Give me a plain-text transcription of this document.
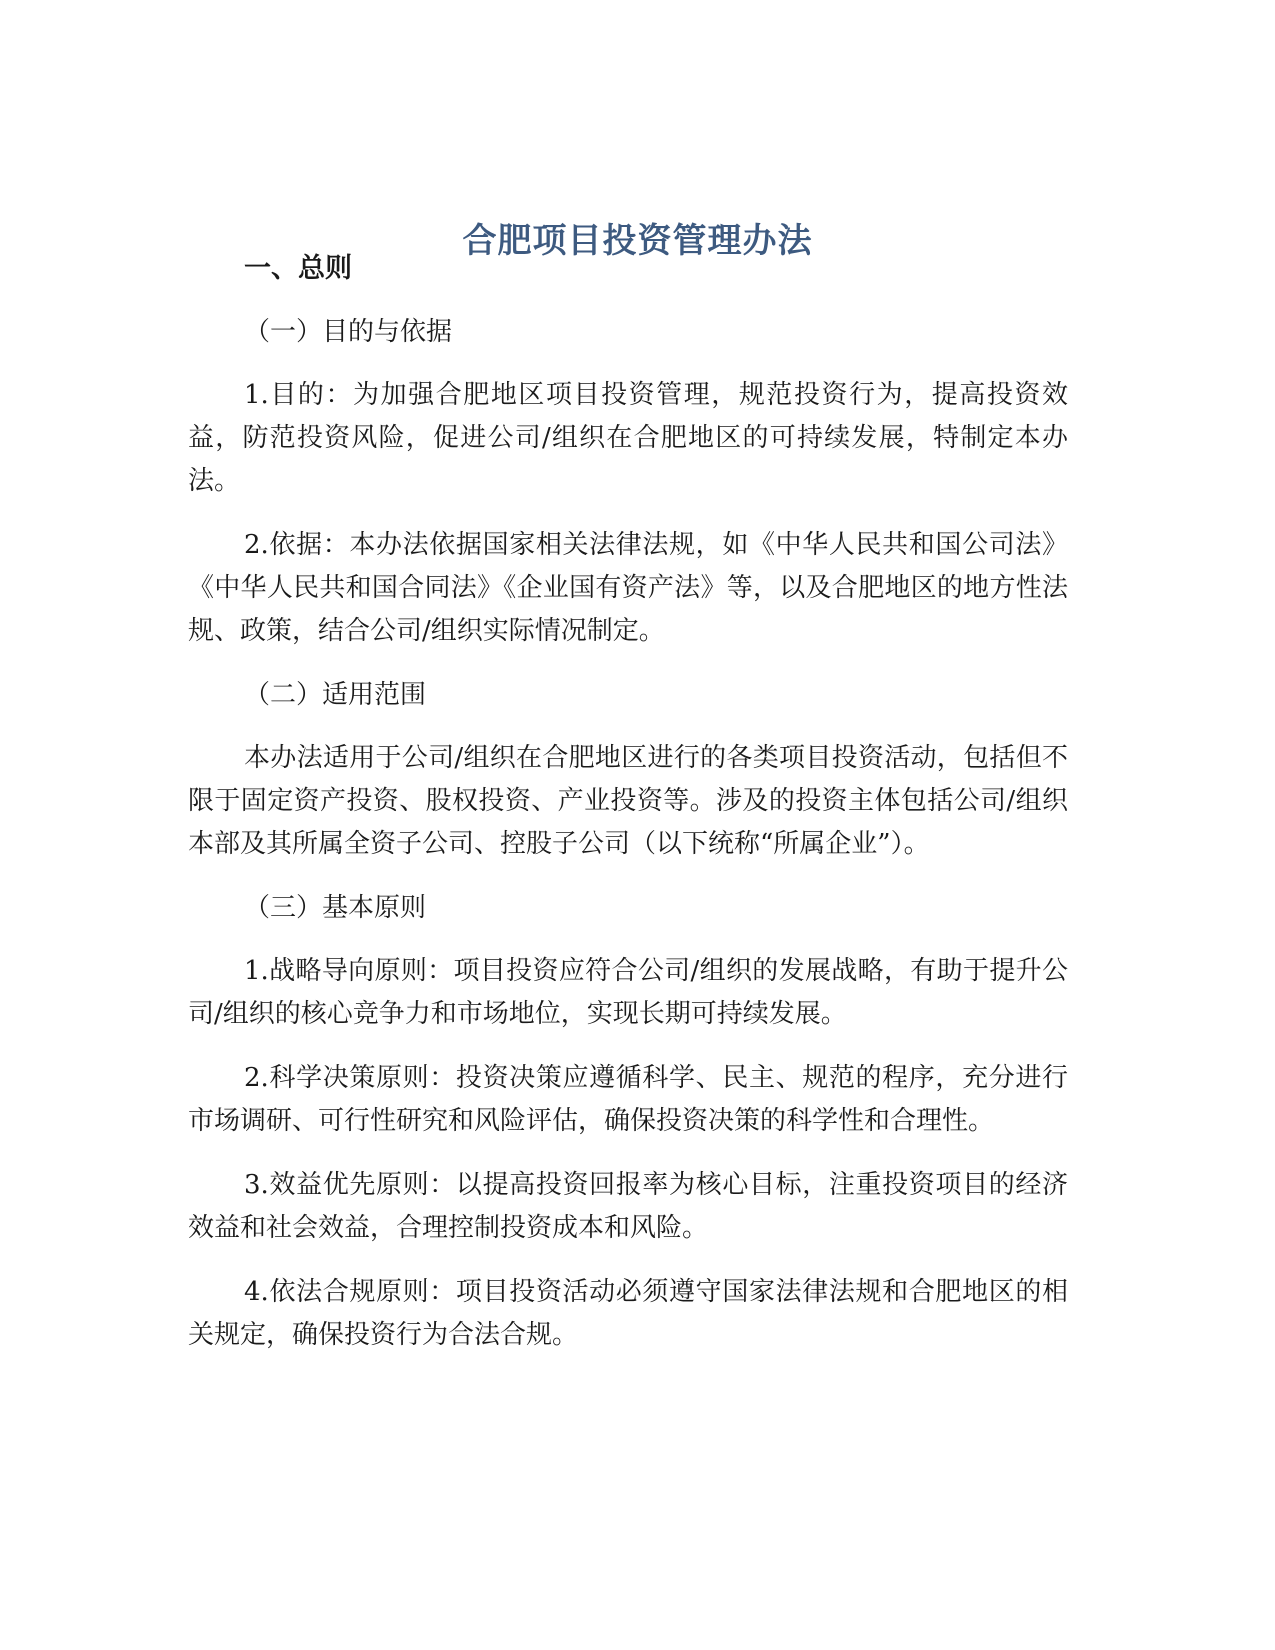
合肥项目投资管理办法
一、总则

（一）目的与依据

1.目的：为加强合肥地区项目投资管理，规范投资行为，提高投资效益，防范投资风险，促进公司/组织在合肥地区的可持续发展，特制定本办法。

2.依据：本办法依据国家相关法律法规，如《中华人民共和国公司法》《中华人民共和国合同法》《企业国有资产法》等，以及合肥地区的地方性法规、政策，结合公司/组织实际情况制定。

（二）适用范围

本办法适用于公司/组织在合肥地区进行的各类项目投资活动，包括但不限于固定资产投资、股权投资、产业投资等。涉及的投资主体包括公司/组织本部及其所属全资子公司、控股子公司（以下统称“所属企业”）。

（三）基本原则

1.战略导向原则：项目投资应符合公司/组织的发展战略，有助于提升公司/组织的核心竞争力和市场地位，实现长期可持续发展。

2.科学决策原则：投资决策应遵循科学、民主、规范的程序，充分进行市场调研、可行性研究和风险评估，确保投资决策的科学性和合理性。

3.效益优先原则：以提高投资回报率为核心目标，注重投资项目的经济效益和社会效益，合理控制投资成本和风险。

4.依法合规原则：项目投资活动必须遵守国家法律法规和合肥地区的相关规定，确保投资行为合法合规。
